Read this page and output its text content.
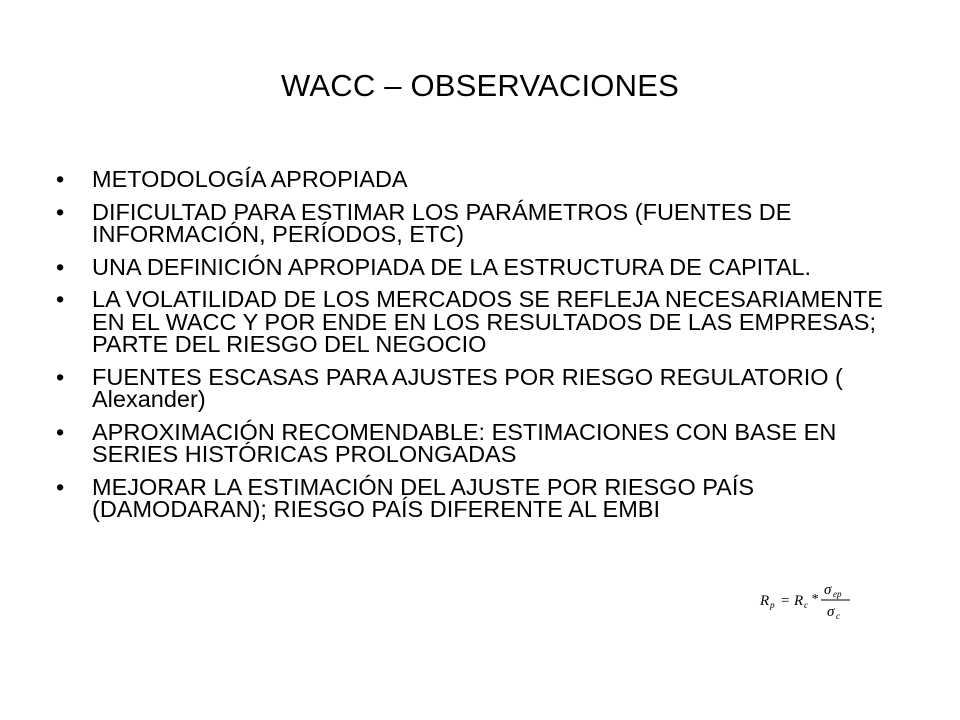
WACC – OBSERVACIONES
•	METODOLOGÍA APROPIADA
•	DIFICULTAD PARA ESTIMAR LOS PARÁMETROS (FUENTES DE INFORMACIÓN, PERÍODOS, ETC)
•	UNA DEFINICIÓN APROPIADA DE LA ESTRUCTURA DE CAPITAL.
•	LA VOLATILIDAD DE LOS MERCADOS SE REFLEJA NECESARIAMENTE EN EL WACC Y POR ENDE EN LOS RESULTADOS DE LAS EMPRESAS; PARTE DEL RIESGO DEL NEGOCIO
•	FUENTES ESCASAS PARA AJUSTES POR RIESGO REGULATORIO ( Alexander)
•	APROXIMACIÓN RECOMENDABLE: ESTIMACIONES CON BASE EN SERIES HISTÓRICAS PROLONGADAS
•	MEJORAR LA ESTIMACIÓN DEL AJUSTE POR RIESGO PAÍS (DAMODARAN); RIESGO PAÍS DIFERENTE AL EMBI
R p = R c *
σ ep
σ c
